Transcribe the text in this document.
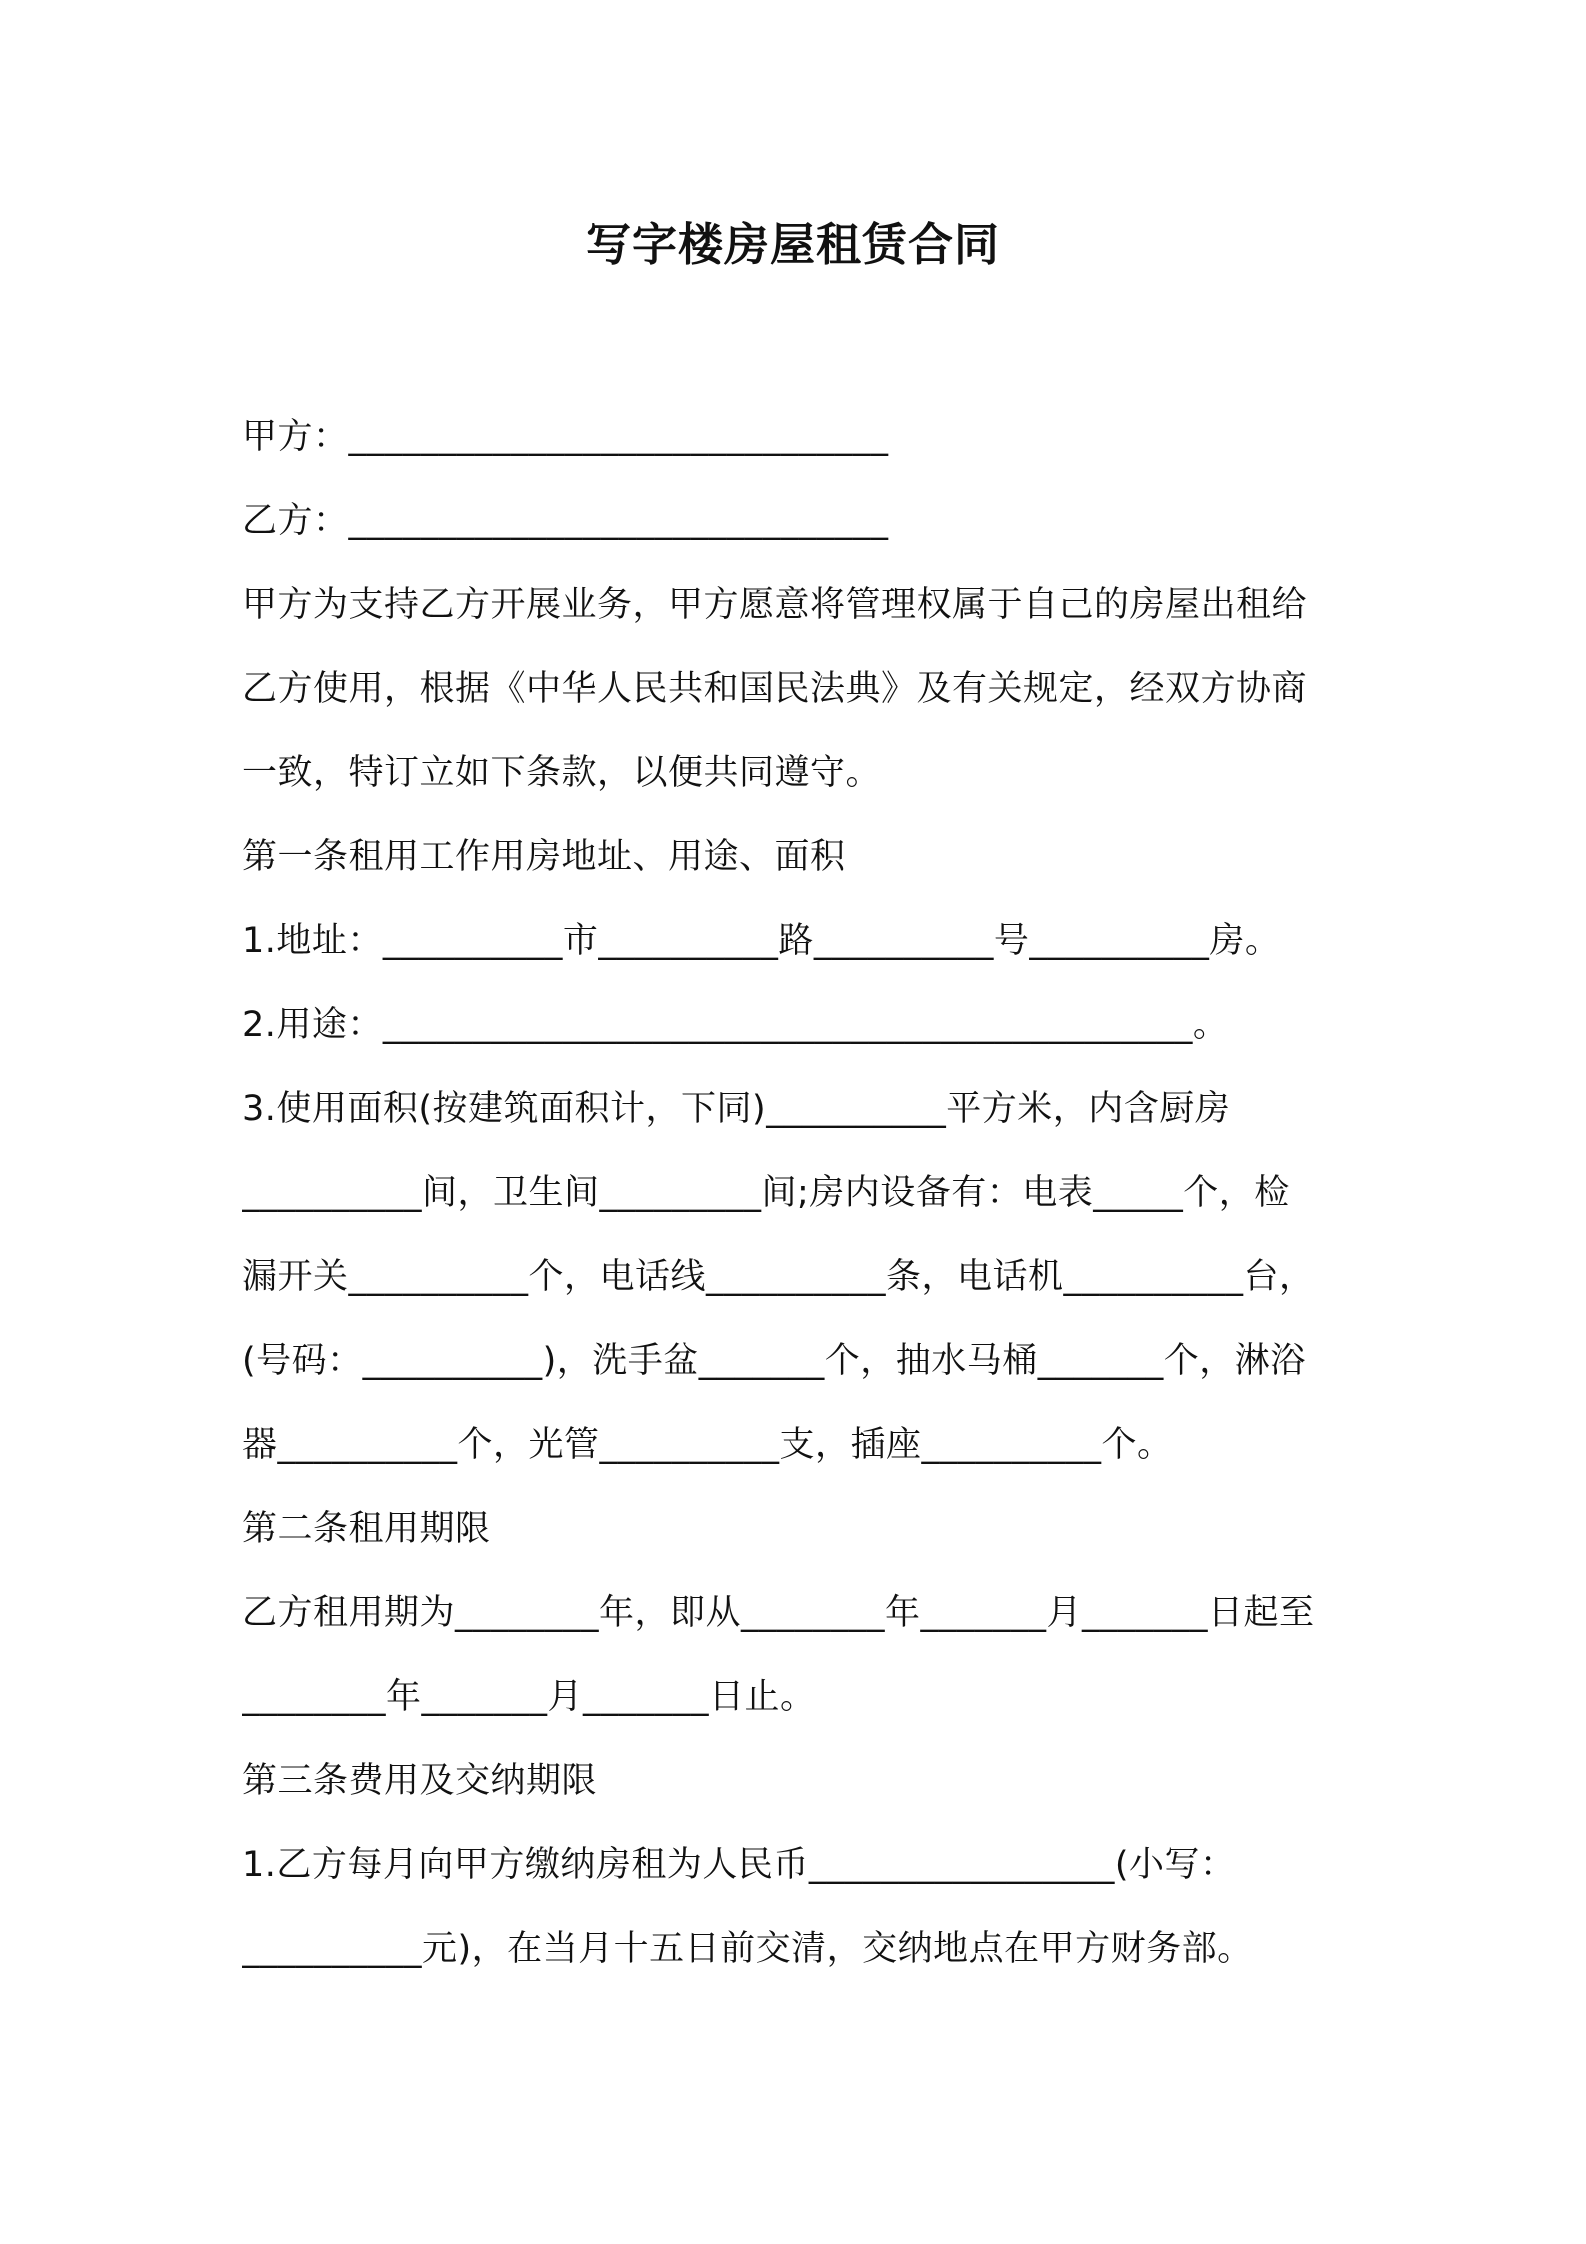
写字楼房屋租赁合同
甲方：______________________________
乙方：______________________________
甲方为支持乙方开展业务，甲方愿意将管理权属于自己的房屋出租给
乙方使用，根据《中华人民共和国民法典》及有关规定，经双方协商
一致，特订立如下条款，以便共同遵守。
第一条租用工作用房地址、用途、面积
1.地址：__________市__________路__________号__________房。
2.用途：_____________________________________________。
3.使用面积(按建筑面积计，下同)__________平方米，内含厨房
__________间，卫生间_________间;房内设备有：电表_____个，检
漏开关__________个，电话线__________条，电话机__________台，
(号码：__________)，洗手盆_______个，抽水马桶_______个，淋浴
器__________个，光管__________支，插座__________个。
第二条租用期限
乙方租用期为________年，即从________年_______月_______日起至
________年_______月_______日止。
第三条费用及交纳期限
1.乙方每月向甲方缴纳房租为人民币_________________(小写：
__________元)，在当月十五日前交清，交纳地点在甲方财务部。
